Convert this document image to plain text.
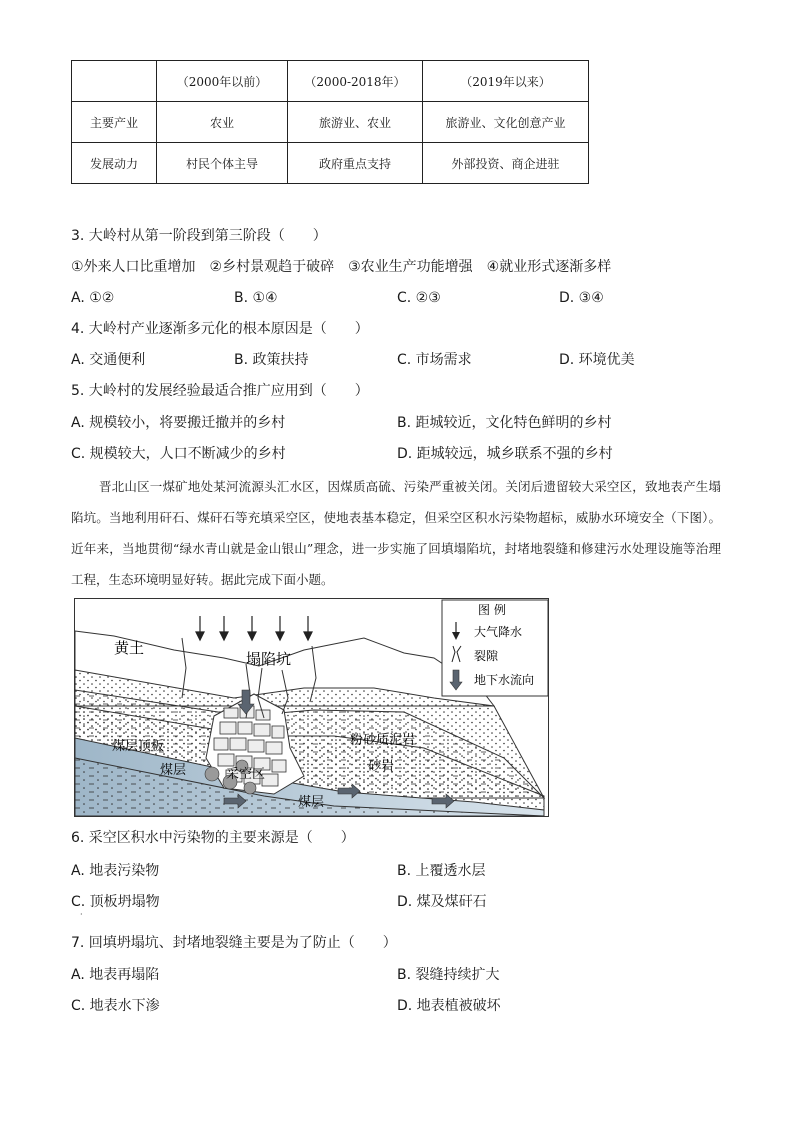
	（2000年以前）	（2000-2018年）	（2019年以来）
主要产业	农业	旅游业、农业	旅游业、文化创意产业
发展动力	村民个体主导	政府重点支持	外部投资、商企进驻
3. 大岭村从第一阶段到第三阶段（　　）
①外来人口比重增加　②乡村景观趋于破碎　③农业生产功能增强　④就业形式逐渐多样
A. ①②	B. ①④	C. ②③	D. ③④
4. 大岭村产业逐渐多元化的根本原因是（　　）
A. 交通便利	B. 政策扶持	C. 市场需求	D. 环境优美
5. 大岭村的发展经验最适合推广应用到（　　）
A. 规模较小，将要搬迁撤并的乡村	B. 距城较近，文化特色鲜明的乡村
C. 规模较大，人口不断减少的乡村	D. 距城较远，城乡联系不强的乡村
晋北山区一煤矿地处某河流源头汇水区，因煤质高硫、污染严重被关闭。关闭后遗留较大采空区，致地表产生塌陷坑。当地利用矸石、煤矸石等充填采空区，使地表基本稳定，但采空区积水污染物超标，威胁水环境安全（下图）。近年来，当地贯彻“绿水青山就是金山银山”理念，进一步实施了回填塌陷坑，封堵地裂缝和修建污水处理设施等治理工程，生态环境明显好转。据此完成下面小题。
黄土
塌陷坑
煤层顶板	粉砂质泥岩
煤层	采空区
砂岩
煤层
图 例
大气降水
裂隙
地下水流向
6. 采空区积水中污染物的主要来源是（　　）
A. 地表污染物	B. 上覆透水层
C. 顶板坍塌物	D. 煤及煤矸石
·
7. 回填坍塌坑、封堵地裂缝主要是为了防止（　　）
A. 地表再塌陷	B. 裂缝持续扩大
C. 地表水下渗	D. 地表植被破坏
